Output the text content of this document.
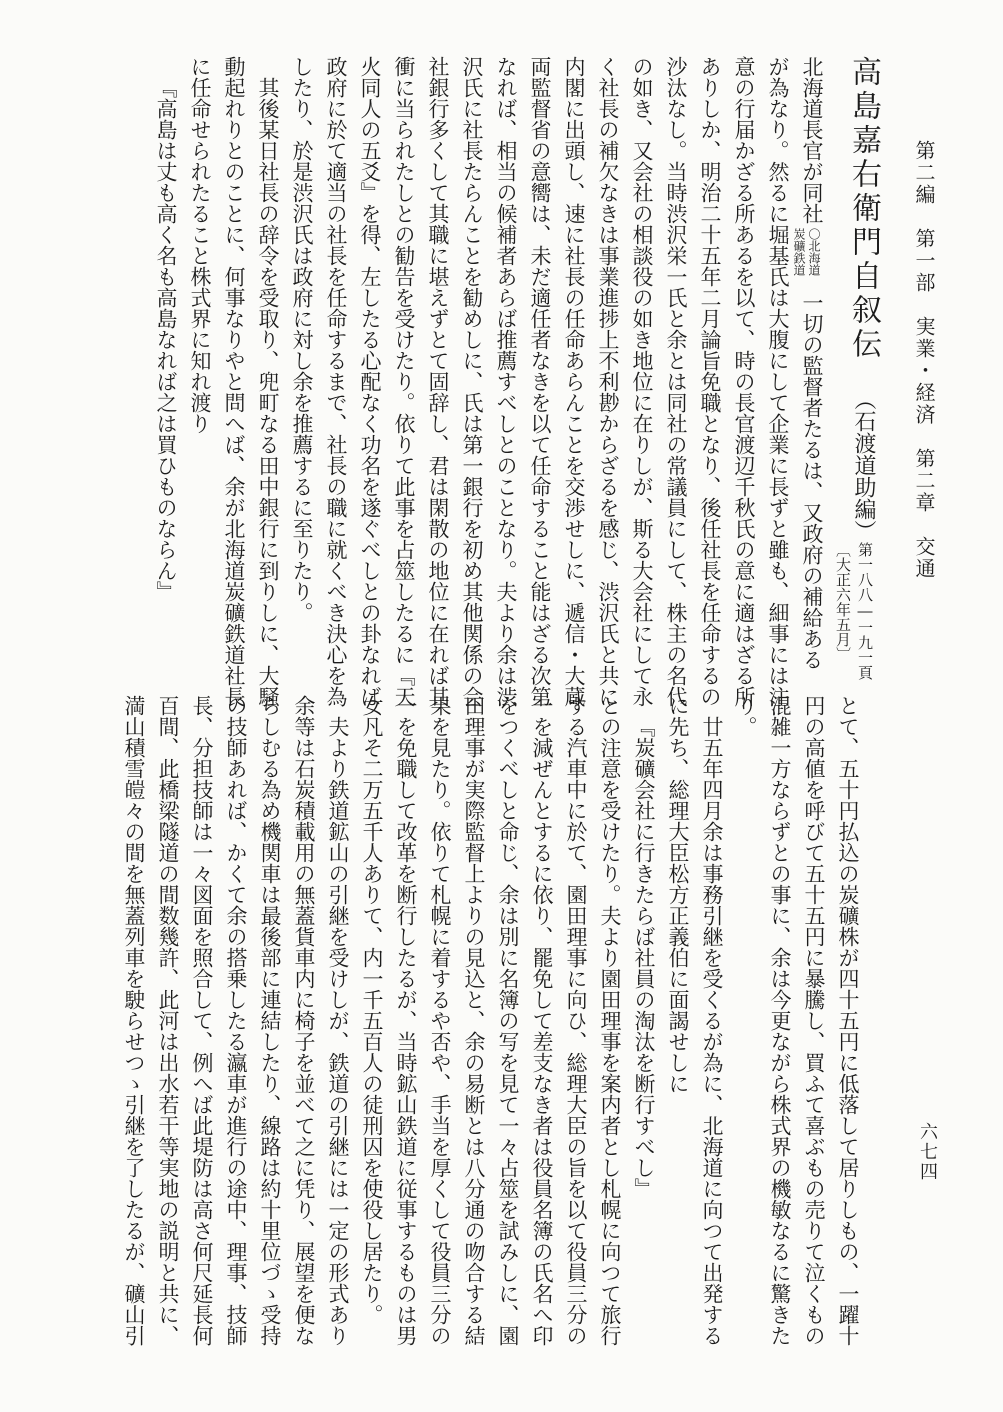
第二編　第一部　実業・経済　第二章　交通
六七四
高島嘉右衛門自叙伝
（石渡道助編）
第一八八―一九一頁
〔大正六年五月〕
北海道長官が同社
〇北海道
炭礦鉄道
一切の監督者たるは、又政府の補給ある
が為なり。然るに堀基氏は大腹にして企業に長ずと雖も、細事には注
意の行届かざる所あるを以て、時の長官渡辺千秋氏の意に適はざる所
ありしか、明治二十五年二月論旨免職となり、後任社長を任命するの
沙汰なし。当時渋沢栄一氏と余とは同社の常議員にして、株主の名代
の如き、又会社の相談役の如き地位に在りしが、斯る大会社にして永
く社長の補欠なきは事業進捗上不利尠からざるを感じ、渋沢氏と共に
内閣に出頭し、速に社長の任命あらんことを交渉せしに、遞信・大蔵
両監督省の意嚮は、未だ適任者なきを以て任命すること能はざる次第
なれば、相当の候補者あらば推薦すべしとのことなり。夫より余は渋
沢氏に社長たらんことを勧めしに、氏は第一銀行を初め其他関係の会
社銀行多くして其職に堪えずとて固辞し、君は閑散の地位に在れば其
衝に当られたしとの勧告を受けたり。依りて此事を占筮したるに『天
火同人の五爻』を得、左したる心配なく功名を遂ぐべしとの卦なれば
政府に於て適当の社長を任命するまで、社長の職に就くべき決心を為
したり、於是渋沢氏は政府に対し余を推薦するに至りたり。
其後某日社長の辞令を受取り、兜町なる田中銀行に到りしに、大騒
動起れりとのことに、何事なりやと問へば、余が北海道炭礦鉄道社長
に任命せられたること株式界に知れ渡り
『高島は丈も高く名も高島なれば之は買ひものならん』
とて、五十円払込の炭礦株が四十五円に低落して居りしもの、一躍十
円の高値を呼びて五十五円に暴騰し、買ふて喜ぶもの売りて泣くもの
混雑一方ならずとの事に、余は今更ながら株式界の機敏なるに驚きた
り。
廿五年四月余は事務引継を受くるが為に、北海道に向つて出発する
に先ち、総理大臣松方正義伯に面謁せしに
『炭礦会社に行きたらば社員の淘汰を断行すべし』
との注意を受けたり。夫より園田理事を案内者とし札幌に向つて旅行
する汽車中に於て、園田理事に向ひ、総理大臣の旨を以て役員三分の
一を減ぜんとするに依り、罷免して差支なき者は役員名簿の氏名へ印
をつくべしと命じ、余は別に名簿の写を見て一々占筮を試みしに、園
田理事が実際監督上よりの見込と、余の易断とは八分通の吻合する結
果を見たり。依りて札幌に着するや否や、手当を厚くして役員三分の
一を免職して改革を断行したるが、当時鉱山鉄道に従事するものは男
女凡そ二万五千人ありて、内一千五百人の徒刑囚を使役し居たり。
夫より鉄道鉱山の引継を受けしが、鉄道の引継には一定の形式あり
余等は石炭積載用の無蓋貨車内に椅子を並べて之に凭り、展望を便な
らしむる為め機関車は最後部に連結したり、線路は約十里位づゝ受持
の技師あれば、かくて余の搭乗したる瀛車が進行の途中、理事、技師
長、分担技師は一々図面を照合して、例へば此堤防は高さ何尺延長何
百間、此橋梁隧道の間数幾許、此河は出水若干等実地の説明と共に、
満山積雪皚々の間を無蓋列車を駛らせつゝ引継を了したるが、礦山引
